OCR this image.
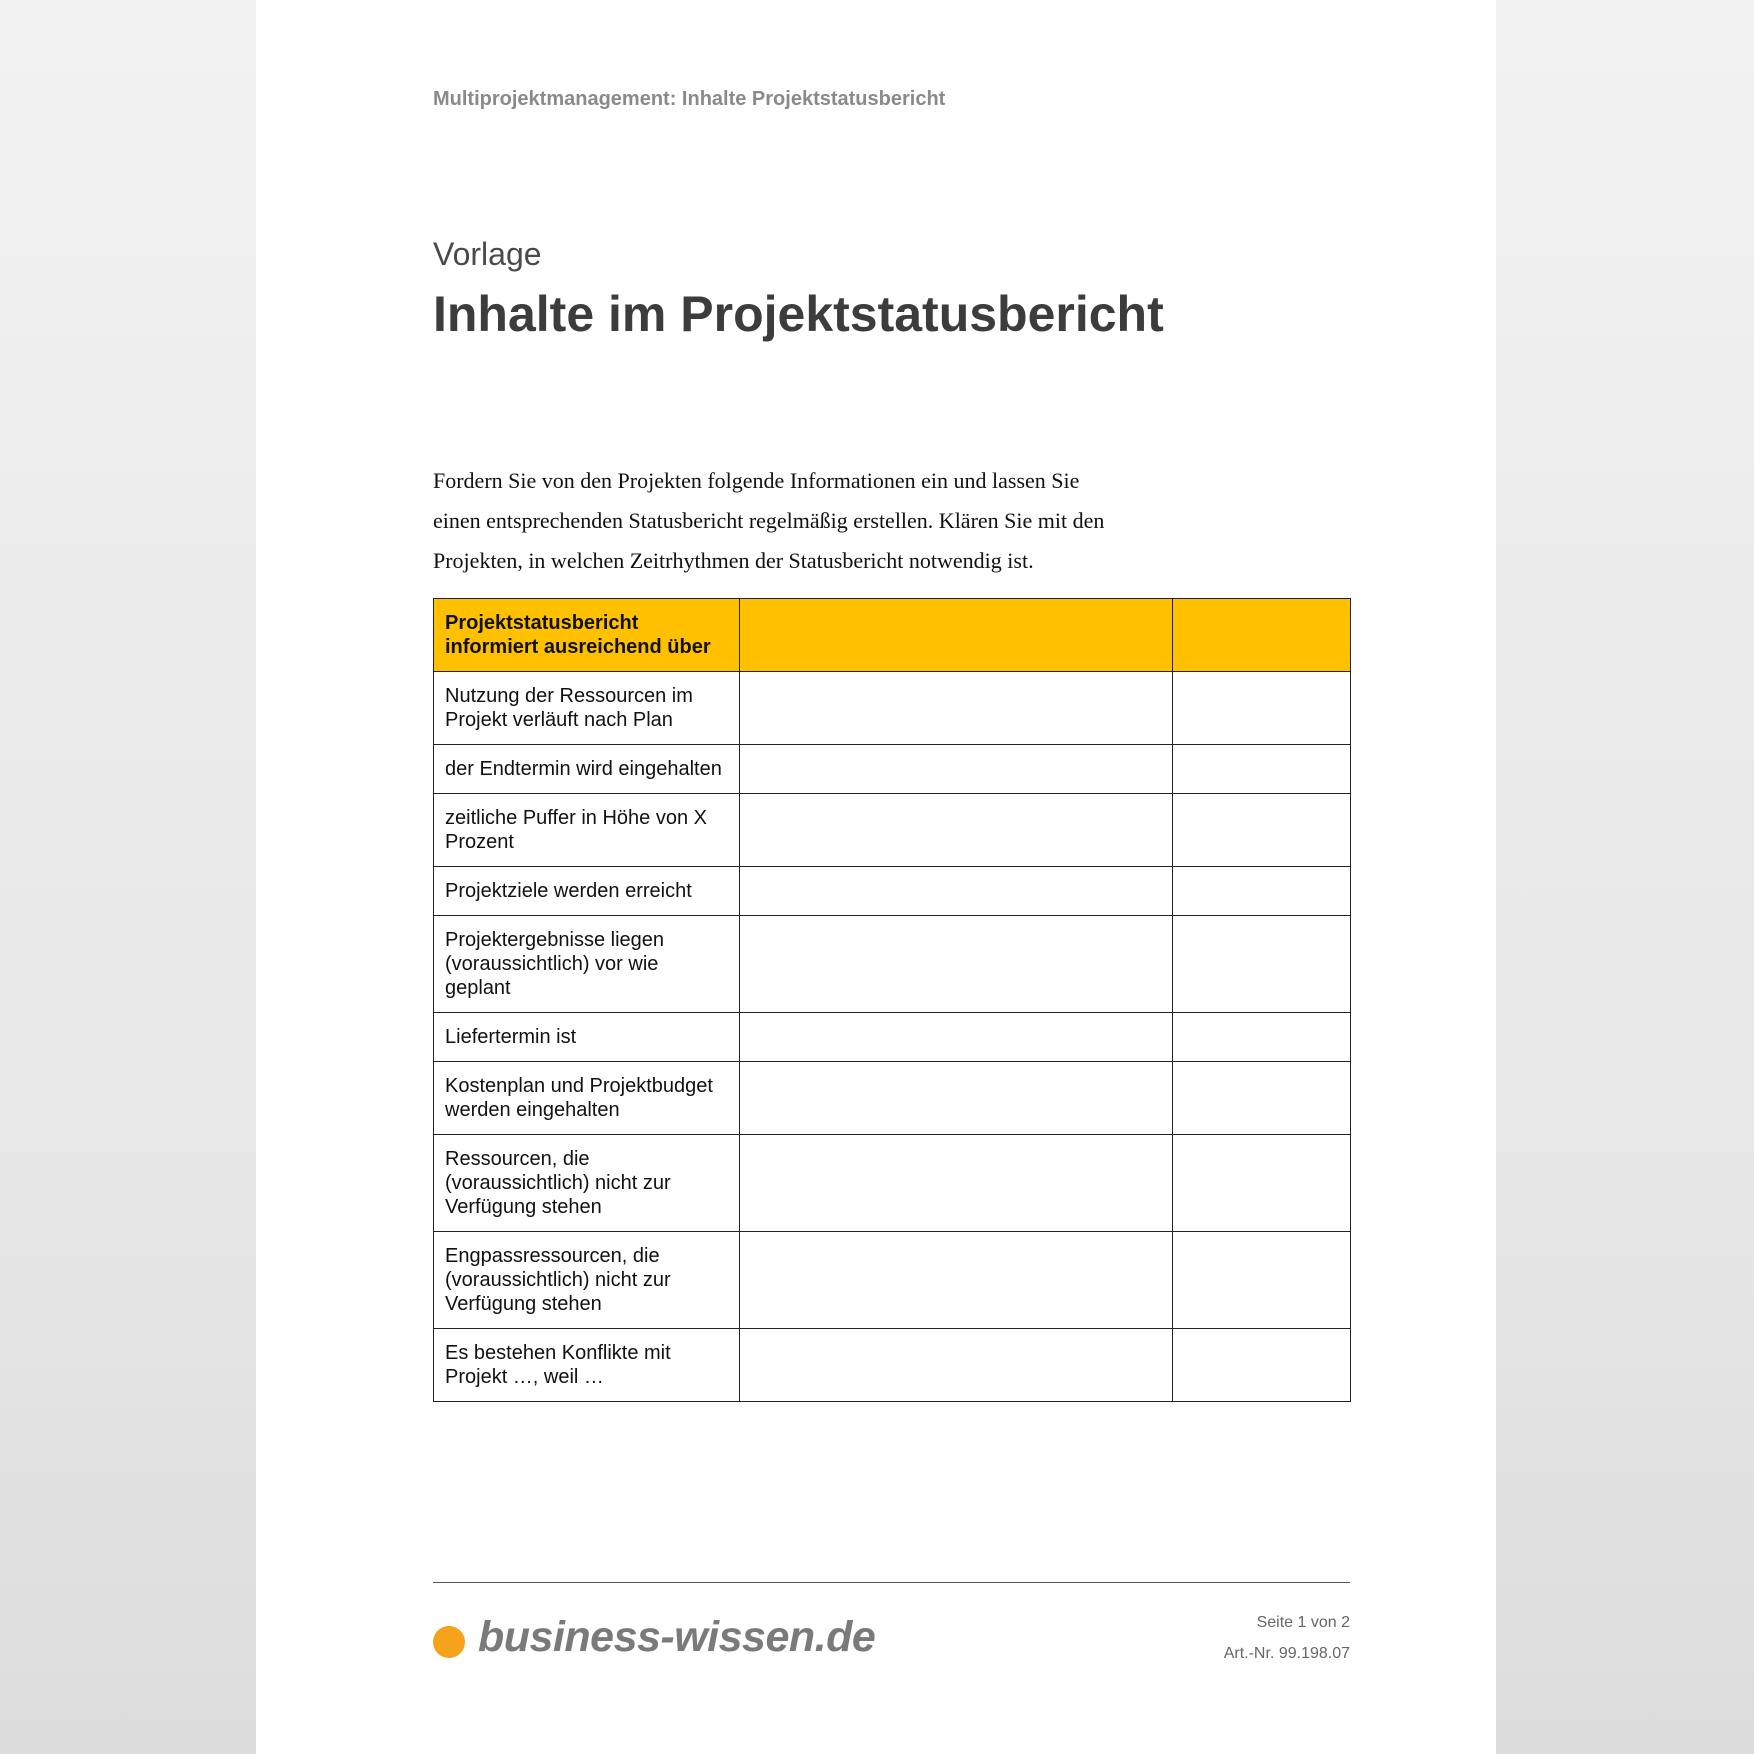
Multiprojektmanagement: Inhalte Projektstatusbericht
Vorlage
Inhalte im Projektstatusbericht

Fordern Sie von den Projekten folgende Informationen ein und lassen Sie

einen entsprechenden Statusbericht regelmäßig erstellen. Klären Sie mit den

Projekten, in welchen Zeitrhythmen der Statusbericht notwendig ist.

Projektstatusbericht informiert ausreichend über		
Nutzung der Ressourcen im Projekt verläuft nach Plan		
der Endtermin wird eingehalten		
zeitliche Puffer in Höhe von X Prozent		
Projektziele werden erreicht		
Projektergebnisse liegen (voraussichtlich) vor wie geplant		
Liefertermin ist		
Kostenplan und Projektbudget werden eingehalten		
Ressourcen, die (voraussichtlich) nicht zur Verfügung stehen		
Engpassressourcen, die (voraussichtlich) nicht zur Verfügung stehen		
Es bestehen Konflikte mit Projekt …, weil …		
business-wissen.de	Seite 1 von 2
Art.-Nr. 99.198.07
